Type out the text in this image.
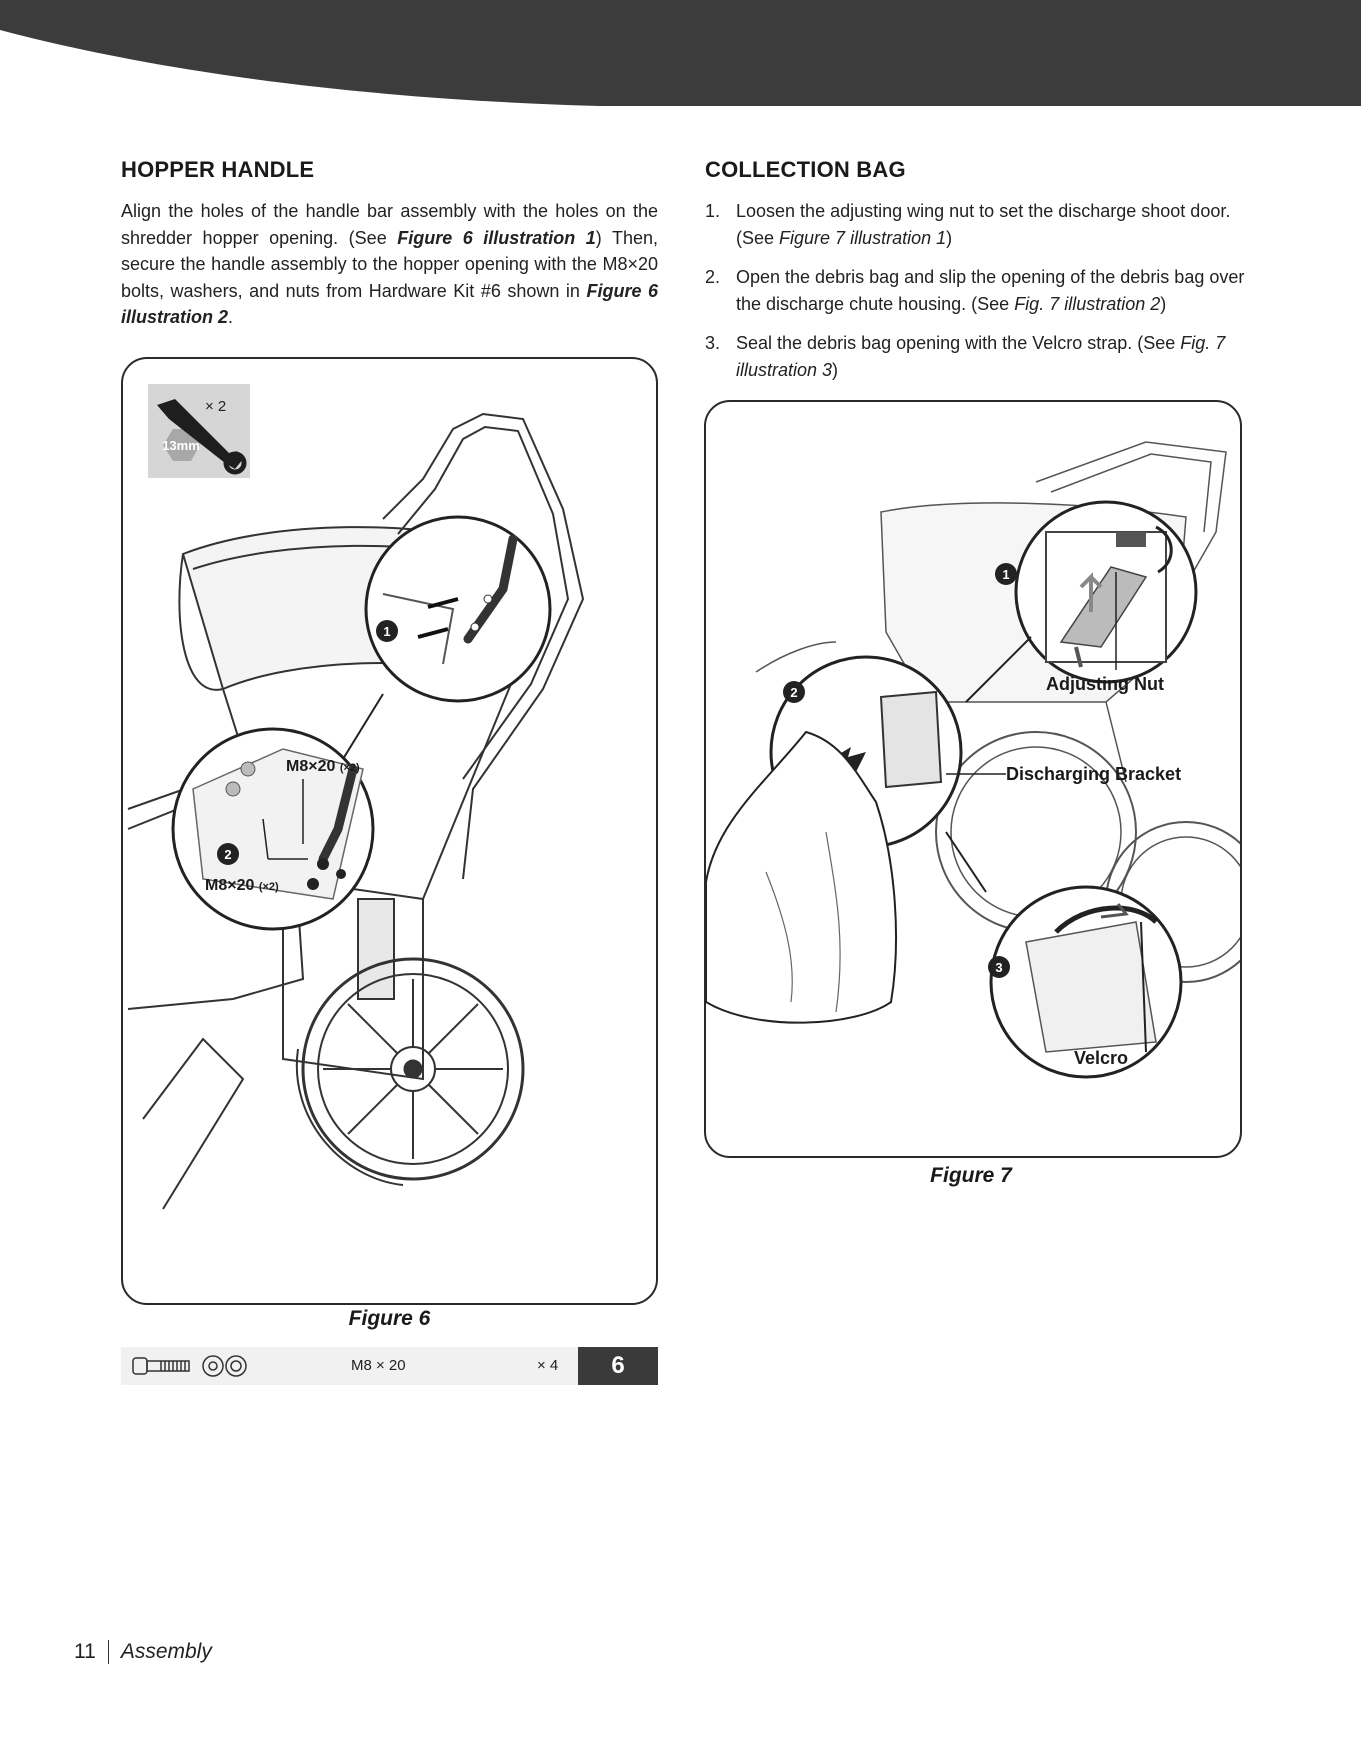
HOPPER HANDLE

Align the holes of the handle bar assembly with the holes on the shredder hopper opening. (See Figure 6 illustration 1) Then, secure the handle assembly to the hopper opening with the M8×20 bolts, washers, and nuts from Hardware Kit #6 shown in Figure 6 illustration 2.

13mm
× 2
1
M8×20 (×2)
M8×20 (×2)
2
Figure 6
M8 × 20	× 4	6
COLLECTION BAG
1. Loosen the adjusting wing nut to set the discharge shoot door. (See Figure 7 illustration 1)
2. Open the debris bag and slip the opening of the debris bag over the discharge chute housing. (See Fig. 7 illustration 2)
3. Seal the debris bag opening with the Velcro strap. (See Fig. 7 illustration 3)
1
Adjusting Nut
2
Discharging Bracket
3
Velcro
Figure 7
11 Assembly
